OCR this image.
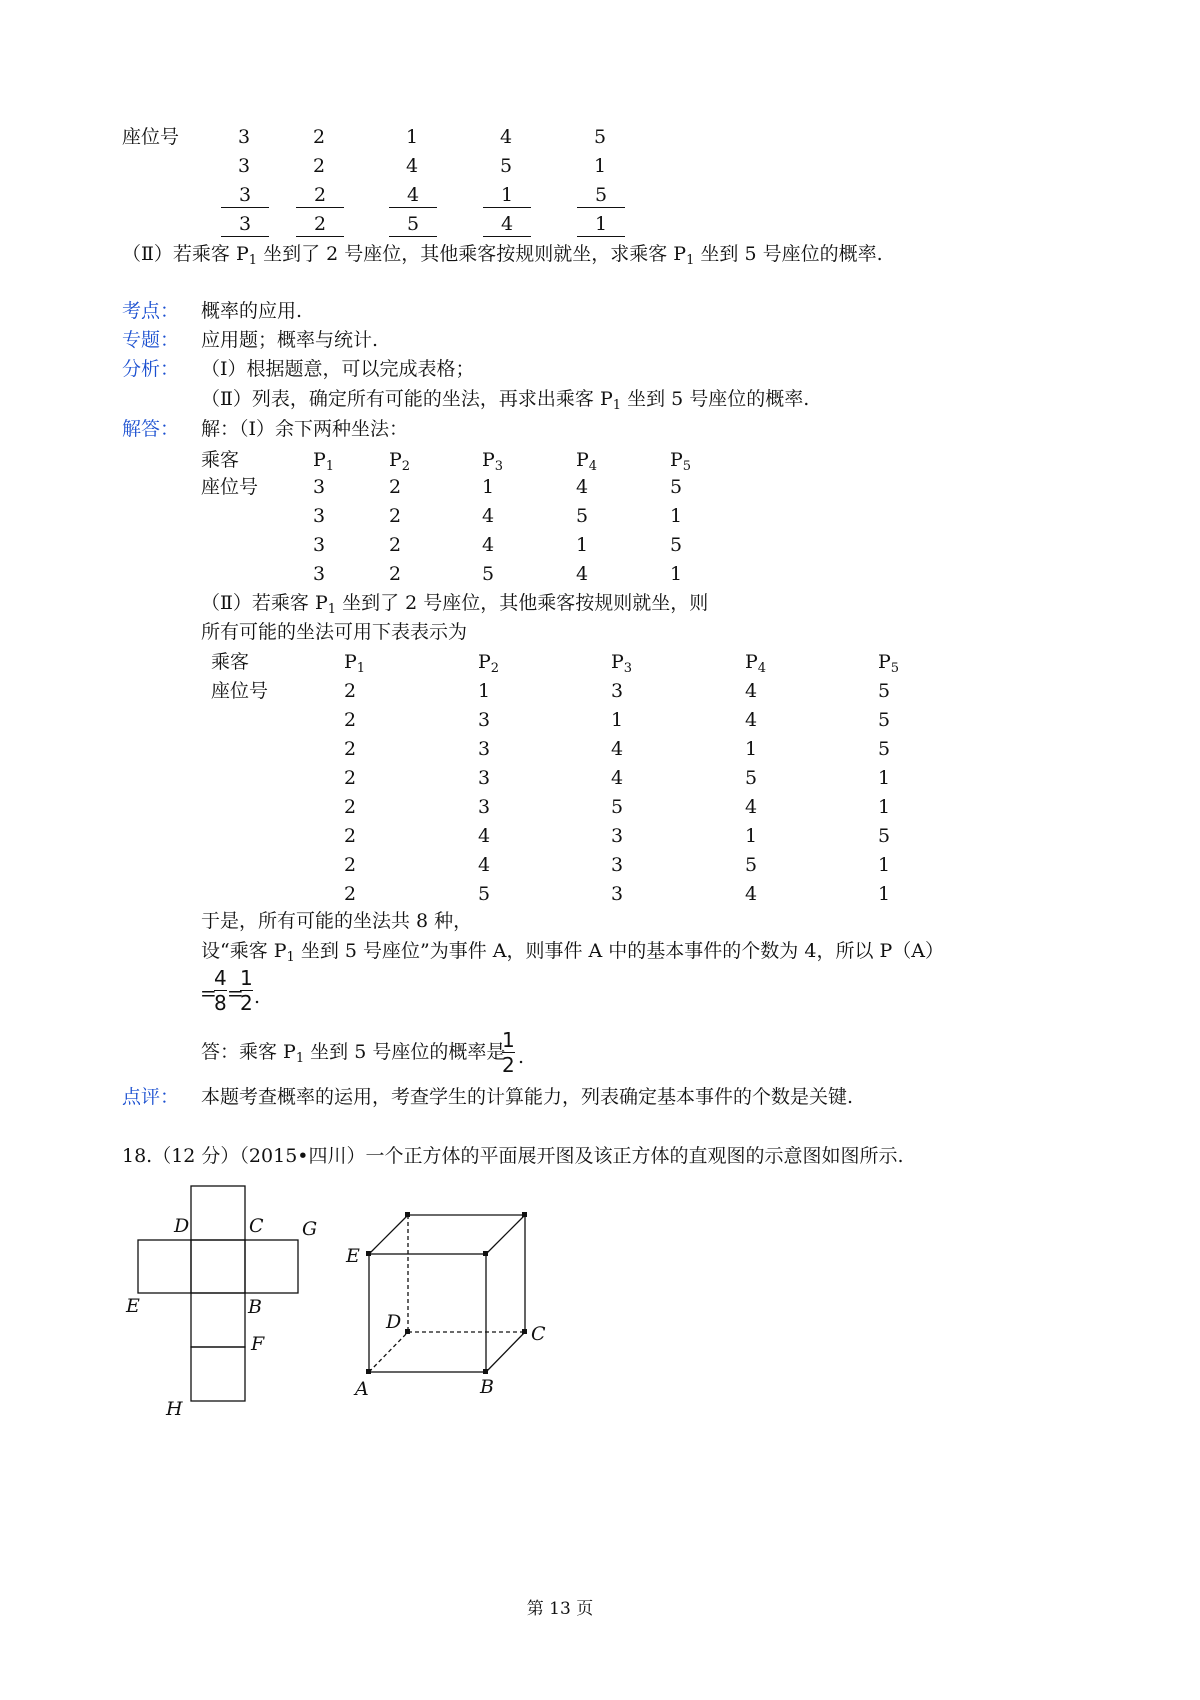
座位号	3	2	1	4	5
3	2	4	5	1
3	2	4	1	5
3	2	5	4	1
（Ⅱ）若乘客 $P_1$ 坐到了 2 号座位，其他乘客按规则就坐，求乘客 $P_1$ 坐到 5 号座位的概率.
考点： 概率的应用.
专题： 应用题；概率与统计.
分析： （Ⅰ）根据题意，可以完成表格；
（Ⅱ）列表，确定所有可能的坐法，再求出乘客 $P_1$ 坐到 5 号座位的概率.
解答： 解：（Ⅰ）余下两种坐法：
乘客	$P_1$	$P_2$	$P_3$	$P_4$	$P_5$
座位号	3	2	1	4	5
3	2	4	5	1
3	2	4	1	5
3	2	5	4	1
（Ⅱ）若乘客 $P_1$ 坐到了 2 号座位，其他乘客按规则就坐，则
所有可能的坐法可用下表表示为
乘客	$P_1$	$P_2$	$P_3$	$P_4$	$P_5$
座位号	2	1	3	4	5
2	3	1	4	5
2	3	4	1	5
2	3	4	5	1
2	3	5	4	1
2	4	3	1	5
2	4	3	5	1
2	5	3	4	1
于是，所有可能的坐法共 8 种，
设“乘客 $P_1$ 坐到 5 号座位”为事件 A，则事件 A 中的基本事件的个数为 4，所以 P（A）
=
4
8 =
1
2 .
答：乘客 $P_1$ 坐到 5 号座位的概率是
1
2 .
点评： 本题考查概率的运用，考查学生的计算能力，列表确定基本事件的个数是关键.
18.（12 分）（2015•四川）一个正方体的平面展开图及该正方体的直观图的示意图如图所示.
D	C G
E	B
F
H
E
D
C
A	B
第 13 页
